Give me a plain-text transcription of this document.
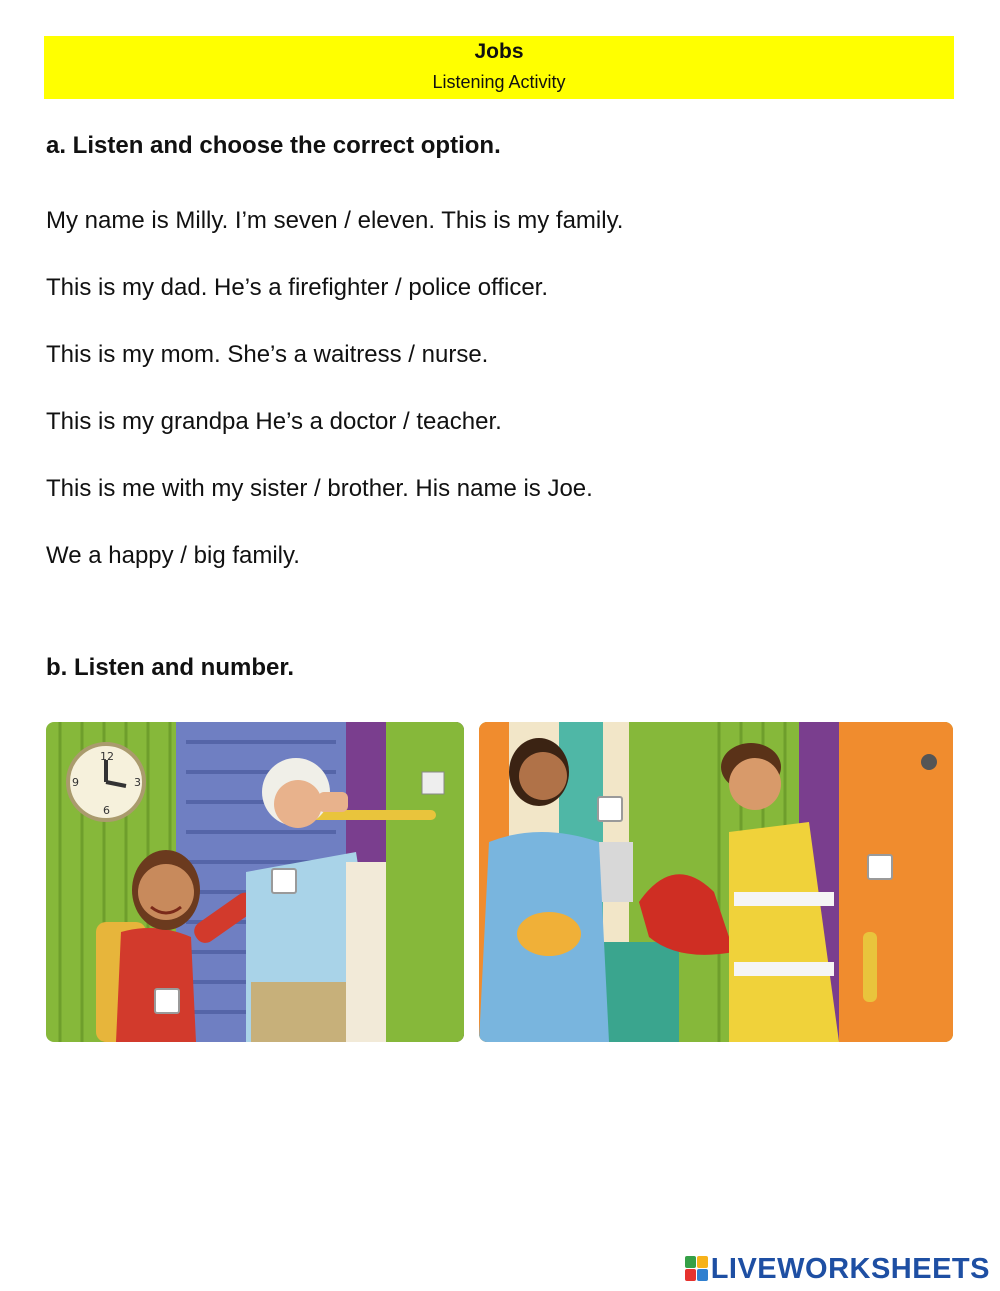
Jobs
Listening Activity
a. Listen and choose the correct option.
My name is Milly. I’m seven / eleven. This is my family.
This is my dad. He’s a firefighter / police officer.
This is my mom. She’s a waitress / nurse.
This is my grandpa He’s a doctor / teacher.
This is me with my sister / brother. His name is Joe.
We a happy / big family.
b. Listen and number.
12
3
6
9
LIVEWORKSHEETS
